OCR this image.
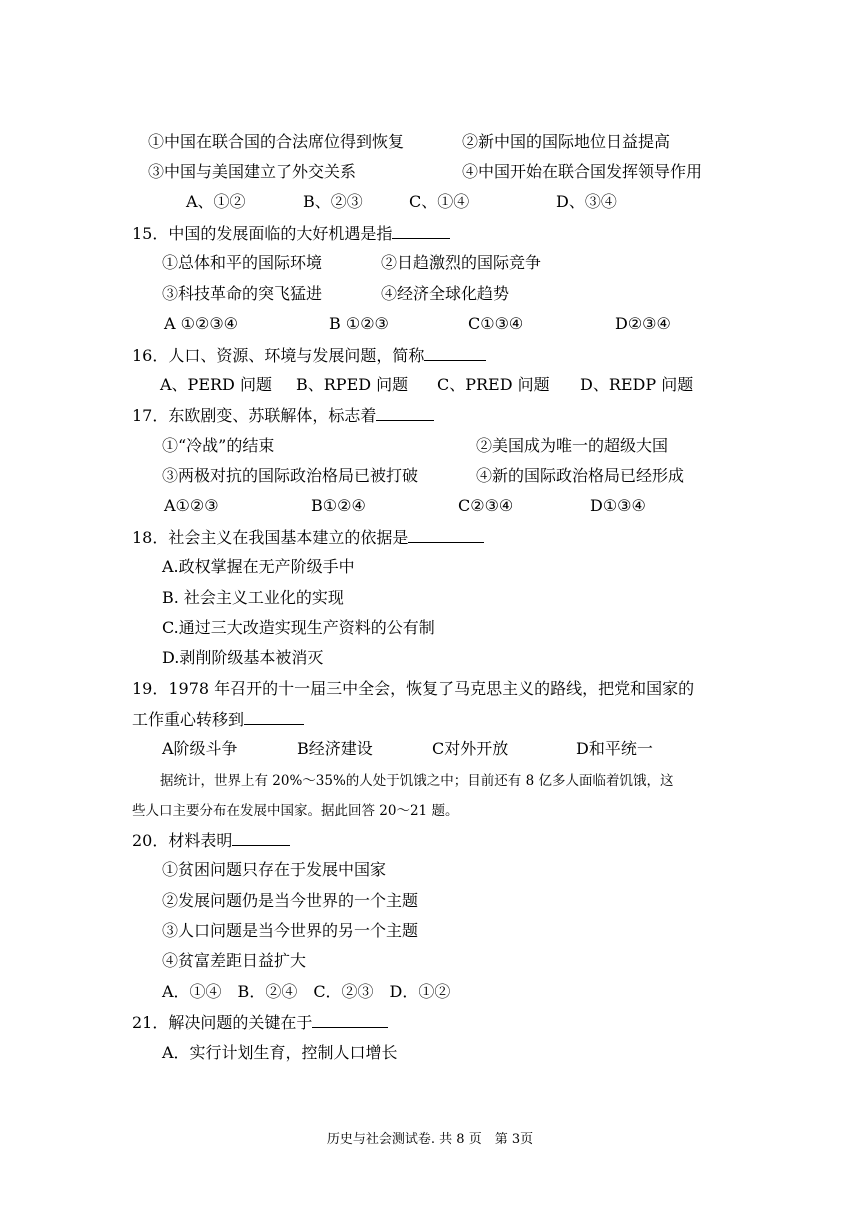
①中国在联合国的合法席位得到恢复	②新中国的国际地位日益提高
③中国与美国建立了外交关系	④中国开始在联合国发挥领导作用
A、①②	B、②③	C、①④	D、③④
15．中国的发展面临的大好机遇是指
①总体和平的国际环境	②日趋激烈的国际竞争
③科技革命的突飞猛进	④经济全球化趋势
A ①②③④	B ①②③	C①③④	D②③④
16．人口、资源、环境与发展问题，简称
A、PERD 问题 B、RPED 问题 C、PRED 问题 D、REDP 问题
17．东欧剧变、苏联解体，标志着
①“冷战”的结束	②美国成为唯一的超级大国
③两极对抗的国际政治格局已被打破	④新的国际政治格局已经形成
A①②③	B①②④	C②③④	D①③④
18．社会主义在我国基本建立的依据是
A.政权掌握在无产阶级手中
B. 社会主义工业化的实现
C.通过三大改造实现生产资料的公有制
D.剥削阶级基本被消灭
19．1978 年召开的十一届三中全会，恢复了马克思主义的路线，把党和国家的
工作重心转移到
A阶级斗争	B经济建设	C对外开放	D和平统一
据统计，世界上有 20%～35%的人处于饥饿之中；目前还有 8 亿多人面临着饥饿，这
些人口主要分布在发展中国家。据此回答 20～21 题。
20．材料表明
①贫困问题只存在于发展中国家
②发展问题仍是当今世界的一个主题
③人口问题是当今世界的另一个主题
④贫富差距日益扩大
A．①④　B．②④　C．②③　D．①②
21．解决问题的关键在于
A．实行计划生育，控制人口增长
历史与社会测试卷. 共 8 页　第 3页
